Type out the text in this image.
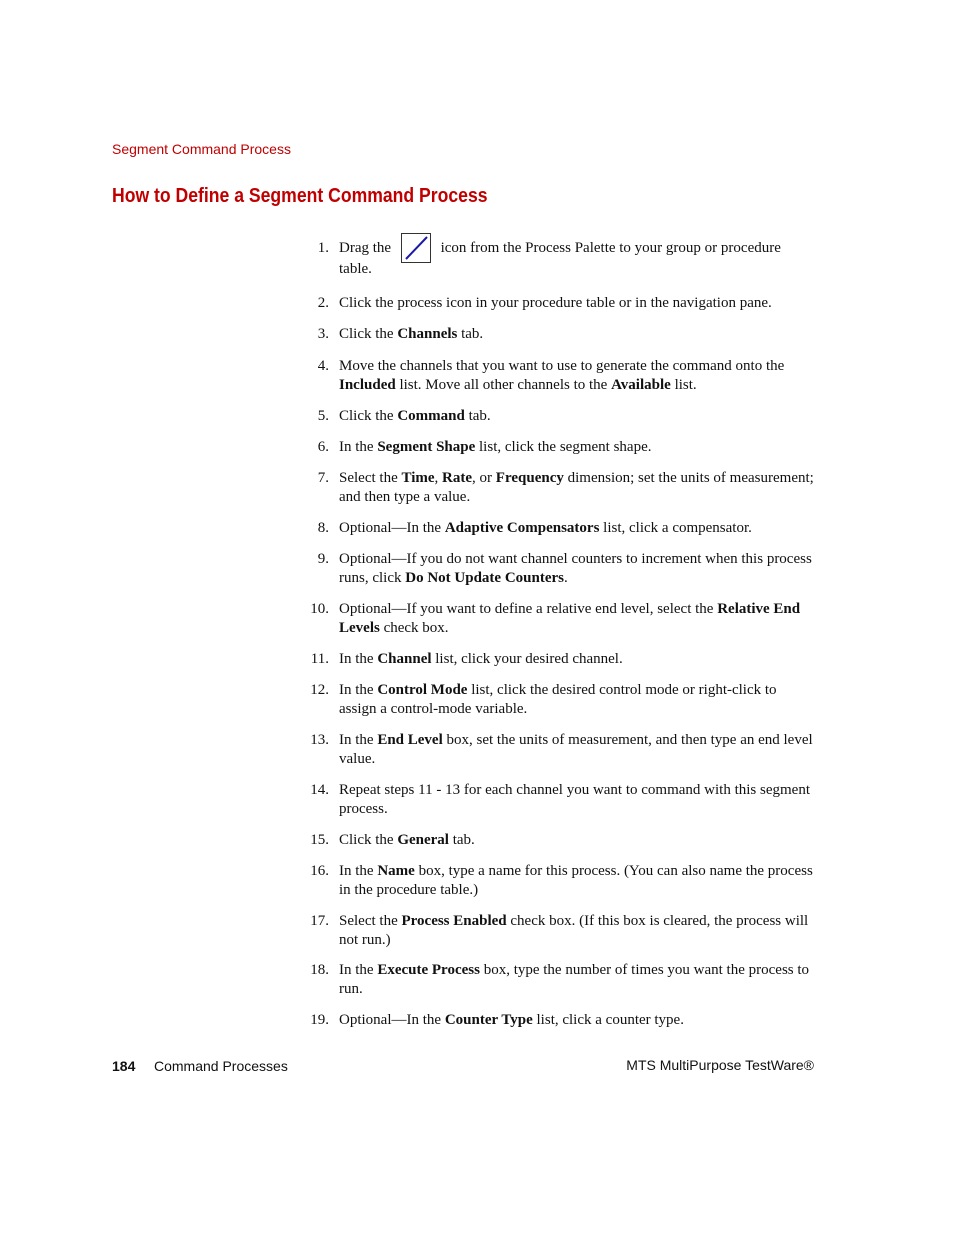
Segment Command Process
How to Define a Segment Command Process
1. Drag the	icon from the Process Palette to your group or procedure
table.
2. Click the process icon in your procedure table or in the navigation pane.
3. Click the Channels tab.
4. Move the channels that you want to use to generate the command onto the Included list. Move all other channels to the Available list.
5. Click the Command tab.
6. In the Segment Shape list, click the segment shape.
7. Select the Time, Rate, or Frequency dimension; set the units of measurement; and then type a value.
8. Optional—In the Adaptive Compensators list, click a compensator.
9. Optional—If you do not want channel counters to increment when this process runs, click Do Not Update Counters.
10. Optional—If you want to define a relative end level, select the Relative End Levels check box.
11. In the Channel list, click your desired channel.
12. In the Control Mode list, click the desired control mode or right-click to assign a control-mode variable.
13. In the End Level box, set the units of measurement, and then type an end level value.
14. Repeat steps 11 - 13 for each channel you want to command with this segment process.
15. Click the General tab.
16. In the Name box, type a name for this process. (You can also name the process in the procedure table.)
17. Select the Process Enabled check box. (If this box is cleared, the process will not run.)
18. In the Execute Process box, type the number of times you want the process to run.
19. Optional—In the Counter Type list, click a counter type.
184 Command Processes	MTS MultiPurpose TestWare®
